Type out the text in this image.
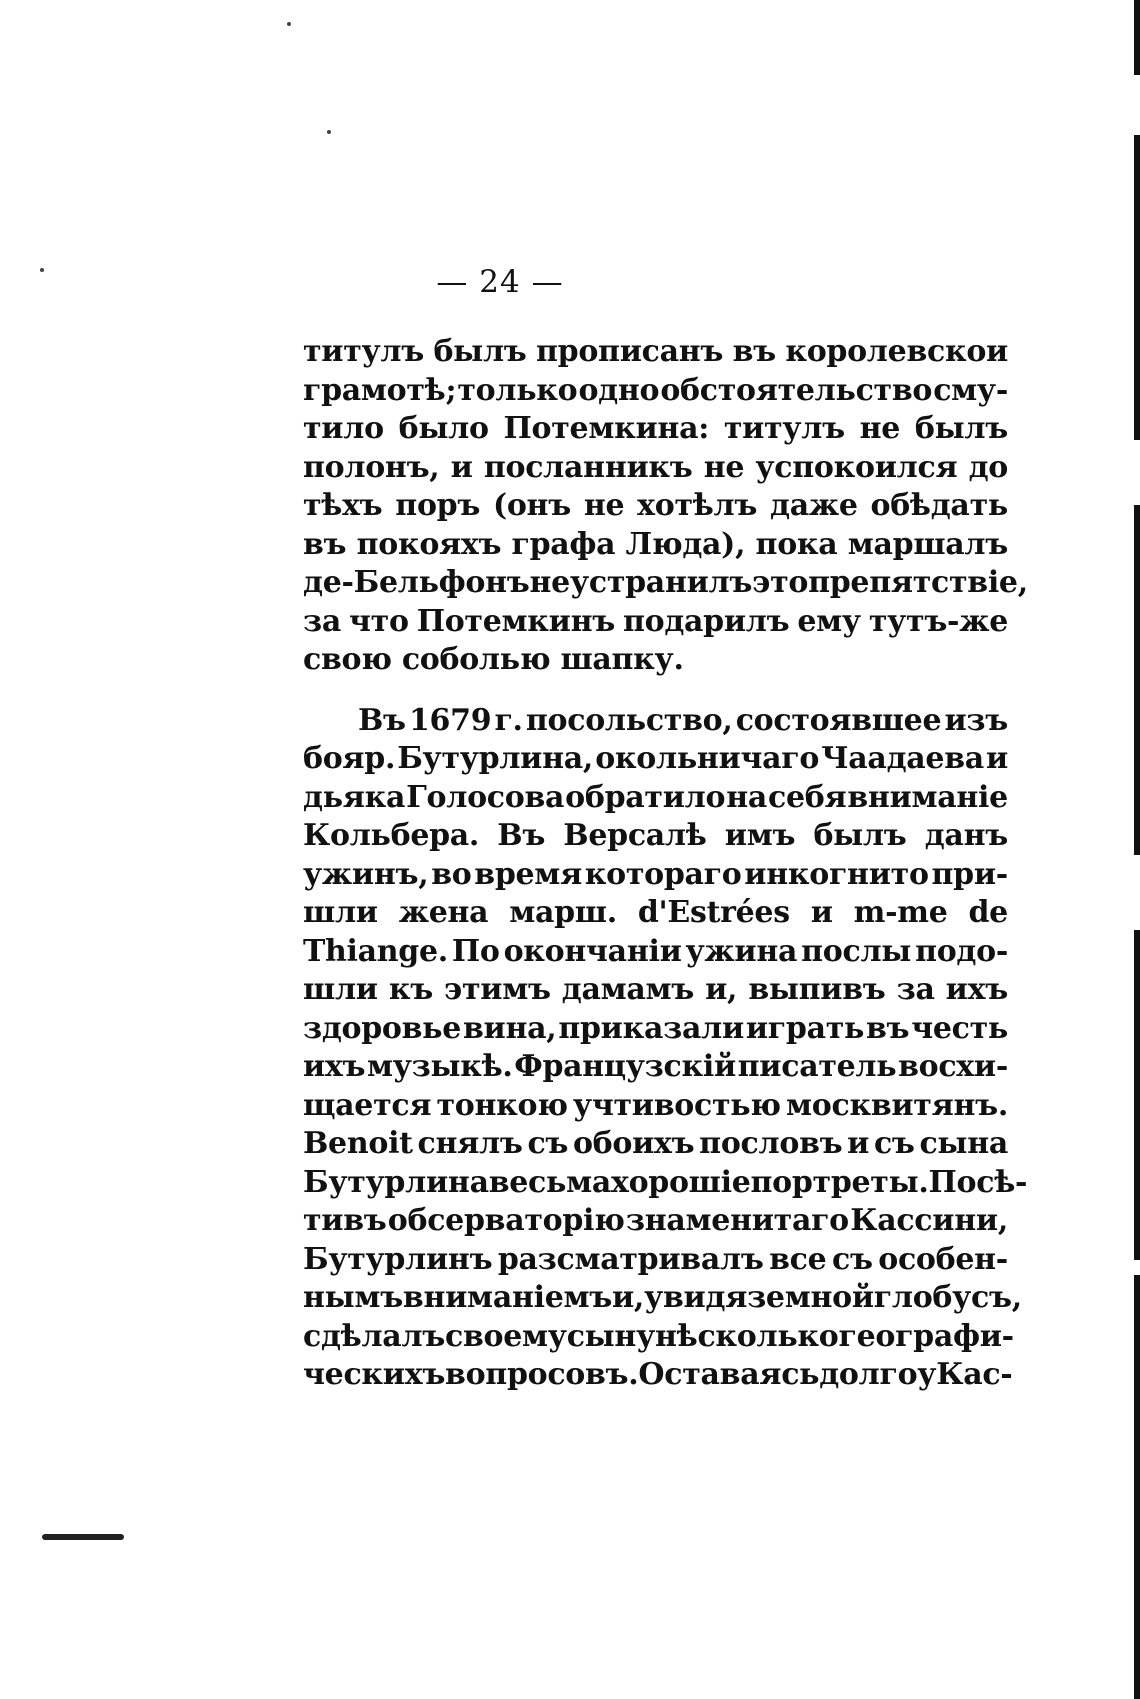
— 24 —
титулъ былъ прописанъ въ королевскои
грамотѣ; только одно обстоятельство сму-
тило было Потемкина: титулъ не былъ
полонъ, и посланникъ не успокоился до
тѣхъ поръ (онъ не хотѣлъ даже обѣдать
въ покояхъ графа Люда), пока маршалъ
де-Бельфонъ не устранилъ это препятствіе,
за что Потемкинъ подарилъ ему тутъ-же
свою соболью шапку.
Въ 1679 г. посольство, состоявшее изъ
бояр. Бутурлина, окольничаго Чаадаева и
дьяка Голосова обратило на себя вниманіе
Кольбера. Въ Версалѣ имъ былъ данъ
ужинъ, во время котораго инкогнито при-
шли жена марш. d'Estrées и m-me de
Thiange. По окончаніи ужина послы подо-
шли къ этимъ дамамъ и, выпивъ за ихъ
здоровье вина, приказали играть въ честь
ихъ музыкѣ. Французскій писатель восхи-
щается тонкою учтивостью москвитянъ.
Benoit снялъ съ обоихъ пословъ и съ сына
Бутурлина весьма хорошіе портреты. Посѣ-
тивъ обсерваторію знаменитаго Кассини,
Бутурлинъ разсматривалъ все съ особен-
нымъ вниманіемъ и, увидя земной глобусъ,
сдѣлалъ своему сыну нѣсколько географи-
ческихъ вопросовъ. Оставаясь долго у Кас-
